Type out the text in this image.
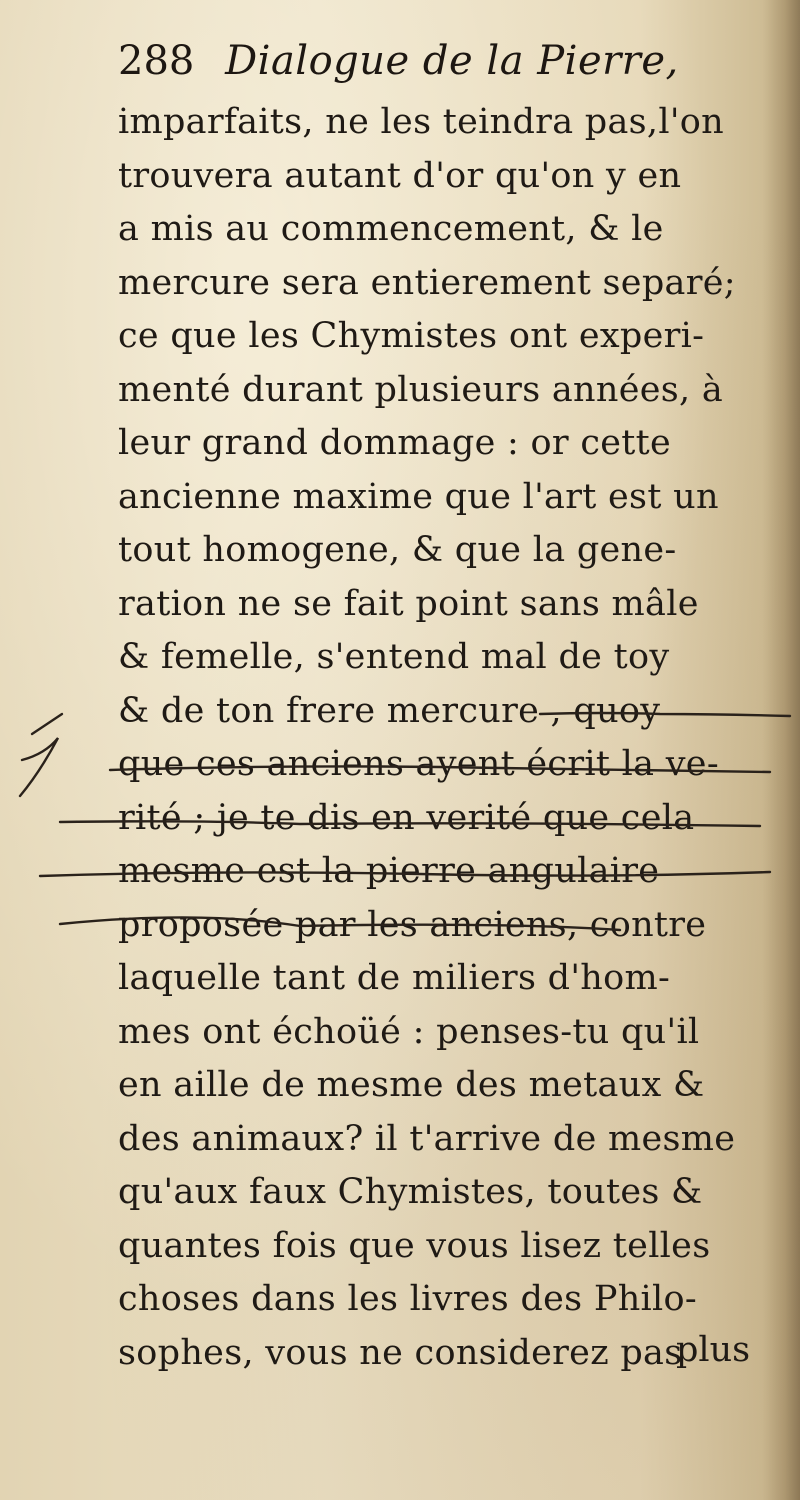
288 Dialogue de la Pierre,
imparfaits, ne les teindra pas,l'on
trouvera autant d'or qu'on y en
a mis au commencement, & le
mercure sera entierement separé;
ce que les Chymistes ont experi-
menté durant plusieurs années, à
leur grand dommage : or cette
ancienne maxime que l'art est un
tout homogene, & que la gene-
ration ne se fait point sans mâle
& femelle, s'entend mal de toy
& de ton frere mercure , quoy
que ces anciens ayent écrit la ve-
rité ; je te dis en verité que cela
mesme est la pierre angulaire
proposée par les anciens, contre
laquelle tant de miliers d'hom-
mes ont échoüé : penses-tu qu'il
en aille de mesme des metaux &
des animaux? il t'arrive de mesme
qu'aux faux Chymistes, toutes &
quantes fois que vous lisez telles
choses dans les livres des Philo-
sophes, vous ne considerez pas
plus
